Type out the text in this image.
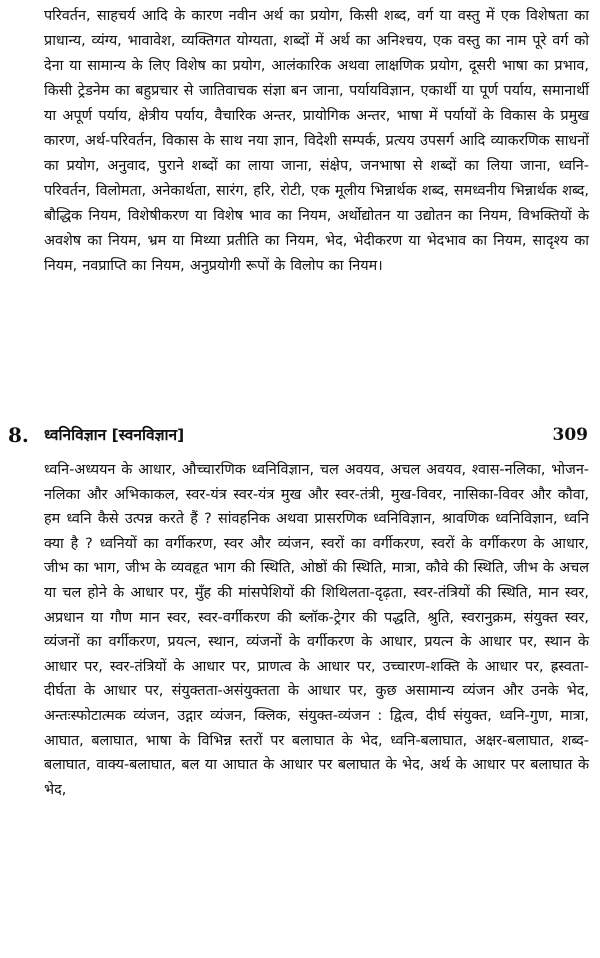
परिवर्तन, साहचर्य आदि के कारण नवीन अर्थ का प्रयोग, किसी शब्द, वर्ग या वस्तु में एक विशेषता का प्राधान्य, व्यंग्य, भावावेश, व्यक्तिगत योग्यता, शब्दों में अर्थ का अनिश्चय, एक वस्तु का नाम पूरे वर्ग को देना या सामान्य के लिए विशेष का प्रयोग, आलंकारिक अथवा लाक्षणिक प्रयोग, दूसरी भाषा का प्रभाव, किसी ट्रेडनेम का बहुप्रचार से जातिवाचक संज्ञा बन जाना, पर्यायविज्ञान, एकार्थी या पूर्ण पर्याय, समानार्थी या अपूर्ण पर्याय, क्षेत्रीय पर्याय, वैचारिक अन्तर, प्रायोगिक अन्तर, भाषा में पर्यायों के विकास के प्रमुख कारण, अर्थ-परिवर्तन, विकास के साथ नया ज्ञान, विदेशी सम्पर्क, प्रत्यय उपसर्ग आदि व्याकरणिक साधनों का प्रयोग, अनुवाद, पुराने शब्दों का लाया जाना, संक्षेप, जनभाषा से शब्दों का लिया जाना, ध्वनि-परिवर्तन, विलोमता, अनेकार्थता, सारंग, हरि, रोटी, एक मूलीय भिन्नार्थक शब्द, समध्वनीय भिन्नार्थक शब्द, बौद्धिक नियम, विशेषीकरण या विशेष भाव का नियम, अर्थोद्योतन या उद्योतन का नियम, विभक्तियों के अवशेष का नियम, भ्रम या मिथ्या प्रतीति का नियम, भेद, भेदीकरण या भेदभाव का नियम, सादृश्य का नियम, नवप्राप्ति का नियम, अनुप्रयोगी रूपों के विलोप का नियम।

8. ध्वनिविज्ञान [स्वनविज्ञान]	309

ध्वनि-अध्ययन के आधार, औच्चारणिक ध्वनिविज्ञान, चल अवयव, अचल अवयव, श्वास-नलिका, भोजन-नलिका और अभिकाकल, स्वर-यंत्र स्वर-यंत्र मुख और स्वर-तंत्री, मुख-विवर, नासिका-विवर और कौवा, हम ध्वनि कैसे उत्पन्न करते हैं ? सांवहनिक अथवा प्रासरणिक ध्वनिविज्ञान, श्रावणिक ध्वनिविज्ञान, ध्वनि क्या है ? ध्वनियों का वर्गीकरण, स्वर और व्यंजन, स्वरों का वर्गीकरण, स्वरों के वर्गीकरण के आधार, जीभ का भाग, जीभ के व्यवहृत भाग की स्थिति, ओष्ठों की स्थिति, मात्रा, कौवे की स्थिति, जीभ के अचल या चल होने के आधार पर, मुँह की मांसपेशियों की शिथिलता-दृढ़ता, स्वर-तंत्रियों की स्थिति, मान स्वर, अप्रधान या गौण मान स्वर, स्वर-वर्गीकरण की ब्लॉक-ट्रेगर की पद्धति, श्रुति, स्वरानुक्रम, संयुक्त स्वर, व्यंजनों का वर्गीकरण, प्रयत्न, स्थान, व्यंजनों के वर्गीकरण के आधार, प्रयत्न के आधार पर, स्थान के आधार पर, स्वर-तंत्रियों के आधार पर, प्राणत्व के आधार पर, उच्चारण-शक्ति के आधार पर, ह्रस्वता-दीर्घता के आधार पर, संयुक्तता-असंयुक्तता के आधार पर, कुछ असामान्य व्यंजन और उनके भेद, अन्तःस्फोटात्मक व्यंजन, उद्गार व्यंजन, क्लिक, संयुक्त-व्यंजन : द्वित्व, दीर्घ संयुक्त, ध्वनि-गुण, मात्रा, आघात, बलाघात, भाषा के विभिन्न स्तरों पर बलाघात के भेद, ध्वनि-बलाघात, अक्षर-बलाघात, शब्द-बलाघात, वाक्य-बलाघात, बल या आघात के आधार पर बलाघात के भेद, अर्थ के आधार पर बलाघात के भेद,
